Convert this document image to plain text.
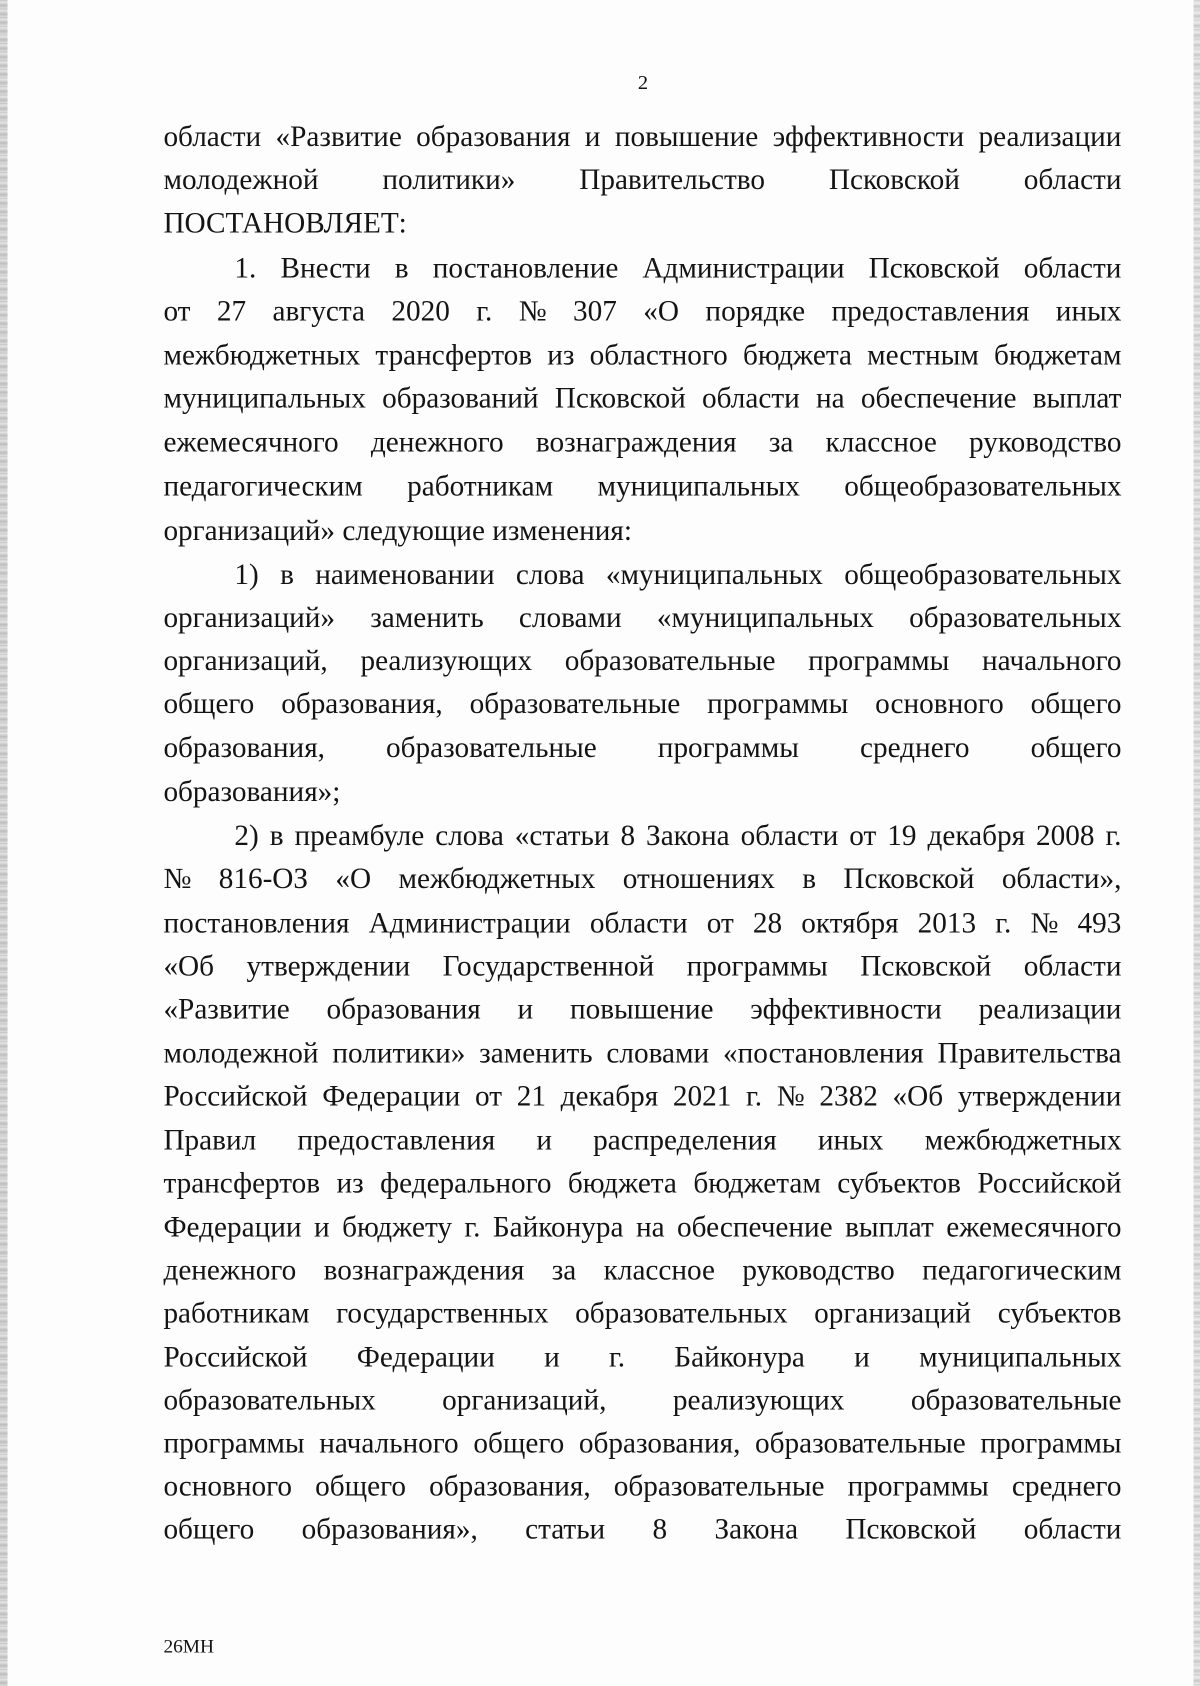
2
области «Развитие образования и повышение эффективности реализации
молодежной политики» Правительство Псковской области
ПОСТАНОВЛЯЕТ:
1. Внести в постановление Администрации Псковской области
от 27 августа 2020 г. № 307 «О порядке предоставления иных
межбюджетных трансфертов из областного бюджета местным бюджетам
муниципальных образований Псковской области на обеспечение выплат
ежемесячного денежного вознаграждения за классное руководство
педагогическим работникам муниципальных общеобразовательных
организаций» следующие изменения:
1) в наименовании слова «муниципальных общеобразовательных
организаций» заменить словами «муниципальных образовательных
организаций, реализующих образовательные программы начального
общего образования, образовательные программы основного общего
образования, образовательные программы среднего общего
образования»;
2) в преамбуле слова «статьи 8 Закона области от 19 декабря 2008 г.
№ 816-ОЗ «О межбюджетных отношениях в Псковской области»,
постановления Администрации области от 28 октября 2013 г. № 493
«Об утверждении Государственной программы Псковской области
«Развитие образования и повышение эффективности реализации
молодежной политики» заменить словами «постановления Правительства
Российской Федерации от 21 декабря 2021 г. № 2382 «Об утверждении
Правил предоставления и распределения иных межбюджетных
трансфертов из федерального бюджета бюджетам субъектов Российской
Федерации и бюджету г. Байконура на обеспечение выплат ежемесячного
денежного вознаграждения за классное руководство педагогическим
работникам государственных образовательных организаций субъектов
Российской Федерации и г. Байконура и муниципальных
образовательных организаций, реализующих образовательные
программы начального общего образования, образовательные программы
основного общего образования, образовательные программы среднего
общего образования», статьи 8 Закона Псковской области
26МН
